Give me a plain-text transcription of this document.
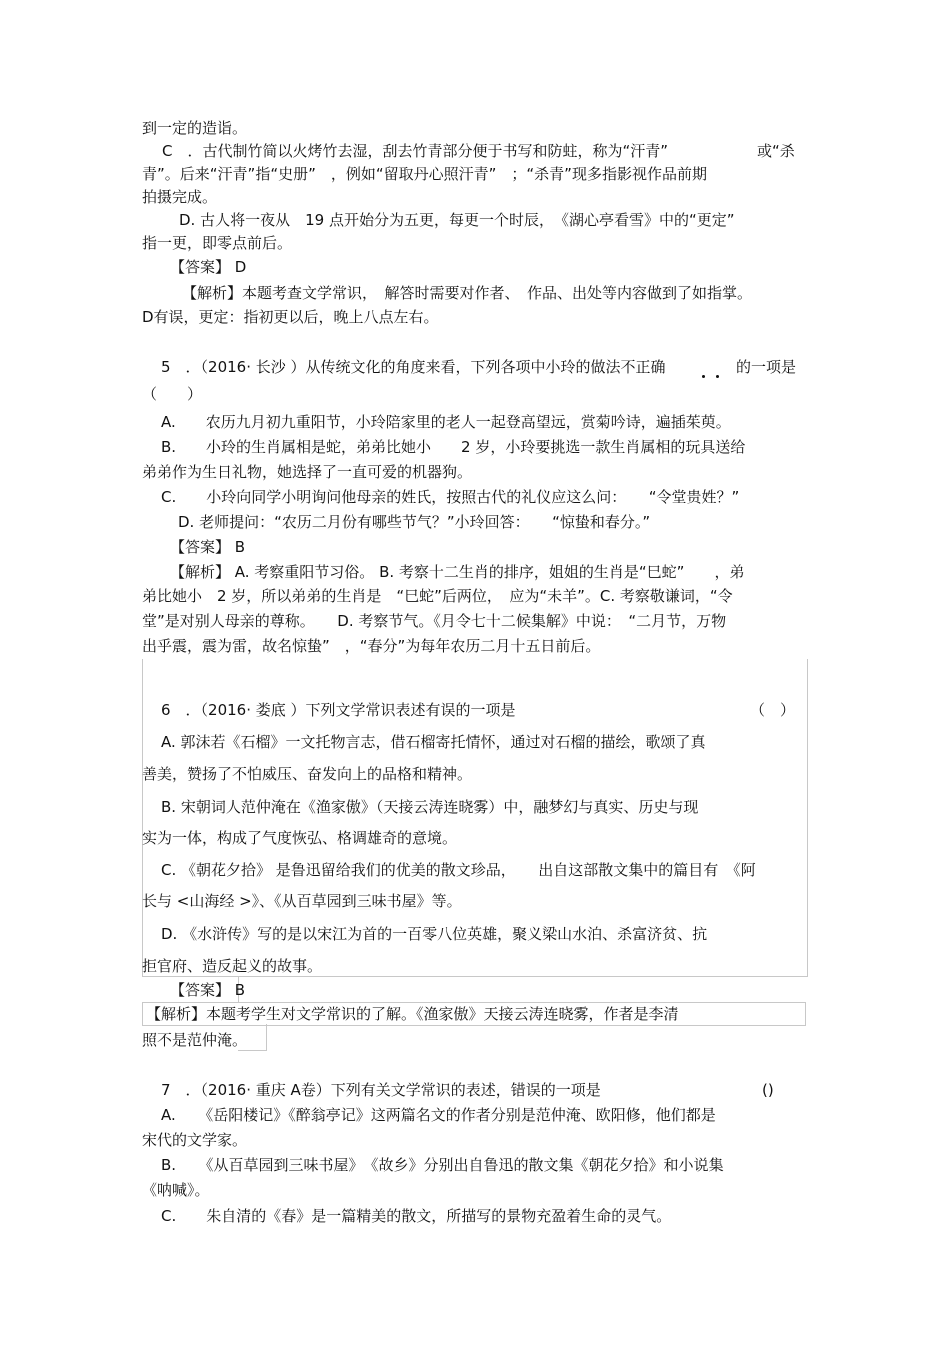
到一定的造诣。
C　．古代制竹简以火烤竹去湿，刮去竹青部分便于书写和防蛀，称为“汗青”	或“杀
青”。后来“汗青”指“史册”　，例如“留取丹心照汗青”　；“杀青”现多指影视作品前期
拍摄完成。
D. 古人将一夜从　19 点开始分为五更，每更一个时辰，　《湖心亭看雪》中的“更定”
指一更，即零点前后。
【答案】 D
【解析】本题考查文学常识，　解答时需要对作者、　作品、出处等内容做到了如指掌。
D有误，更定：指初更以后，晚上八点左右。
5　．（2016· 长沙 ）从传统文化的角度来看，下列各项中小玲的做法不正确	的一项是
（　　）
A.　　农历九月初九重阳节，小玲陪家里的老人一起登高望远，赏菊吟诗，遍插茱萸。
B.　　小玲的生肖属相是蛇，弟弟比她小　　2 岁，小玲要挑选一款生肖属相的玩具送给
弟弟作为生日礼物，她选择了一直可爱的机器狗。
C.　　小玲向同学小明询问他母亲的姓氏，按照古代的礼仪应这么问：　　“令堂贵姓？”
D. 老师提问：“农历二月份有哪些节气？”小玲回答：　　“惊蛰和春分。”
【答案】 B
【解析】 A. 考察重阳节习俗。 B. 考察十二生肖的排序，姐姐的生肖是“巳蛇”　　，弟
弟比她小　2 岁，所以弟弟的生肖是　“巳蛇”后两位，　应为“未羊”。C. 考察敬谦词，“令
堂”是对别人母亲的尊称。　　D. 考察节气。《月令七十二候集解》中说：　“二月节，万物
出乎震，震为雷，故名惊蛰”　，“春分”为每年农历二月十五日前后。
6　．（2016· 娄底 ）下列文学常识表述有误的一项是	（　）
A. 郭沫若《石榴》一文托物言志，借石榴寄托情怀，通过对石榴的描绘，歌颂了真
善美，赞扬了不怕威压、奋发向上的品格和精神。
B. 宋朝词人范仲淹在《渔家傲》（天接云涛连晓雾）中，融梦幻与真实、历史与现
实为一体，构成了气度恢弘、格调雄奇的意境。
C. 《朝花夕拾》 是鲁迅留给我们的优美的散文珍品，　　出自这部散文集中的篇目有　《阿
长与 <山海经 >》、《从百草园到三味书屋》等。
D. 《水浒传》写的是以宋江为首的一百零八位英雄，聚义梁山水泊、杀富济贫、抗
拒官府、造反起义的故事。
【答案】 B
【解析】本题考学生对文学常识的了解。《渔家傲》天接云涛连晓雾，作者是李清
照不是范仲淹。
7　．（2016· 重庆 A卷）下列有关文学常识的表述，错误的一项是	()
A.　　《岳阳楼记》《醉翁亭记》这两篇名文的作者分别是范仲淹、欧阳修，他们都是
宋代的文学家。
B.　　《从百草园到三味书屋》　《故乡》分别出自鲁迅的散文集《朝花夕拾》和小说集
《呐喊》。
C.　　朱自清的《春》是一篇精美的散文，所描写的景物充盈着生命的灵气。
